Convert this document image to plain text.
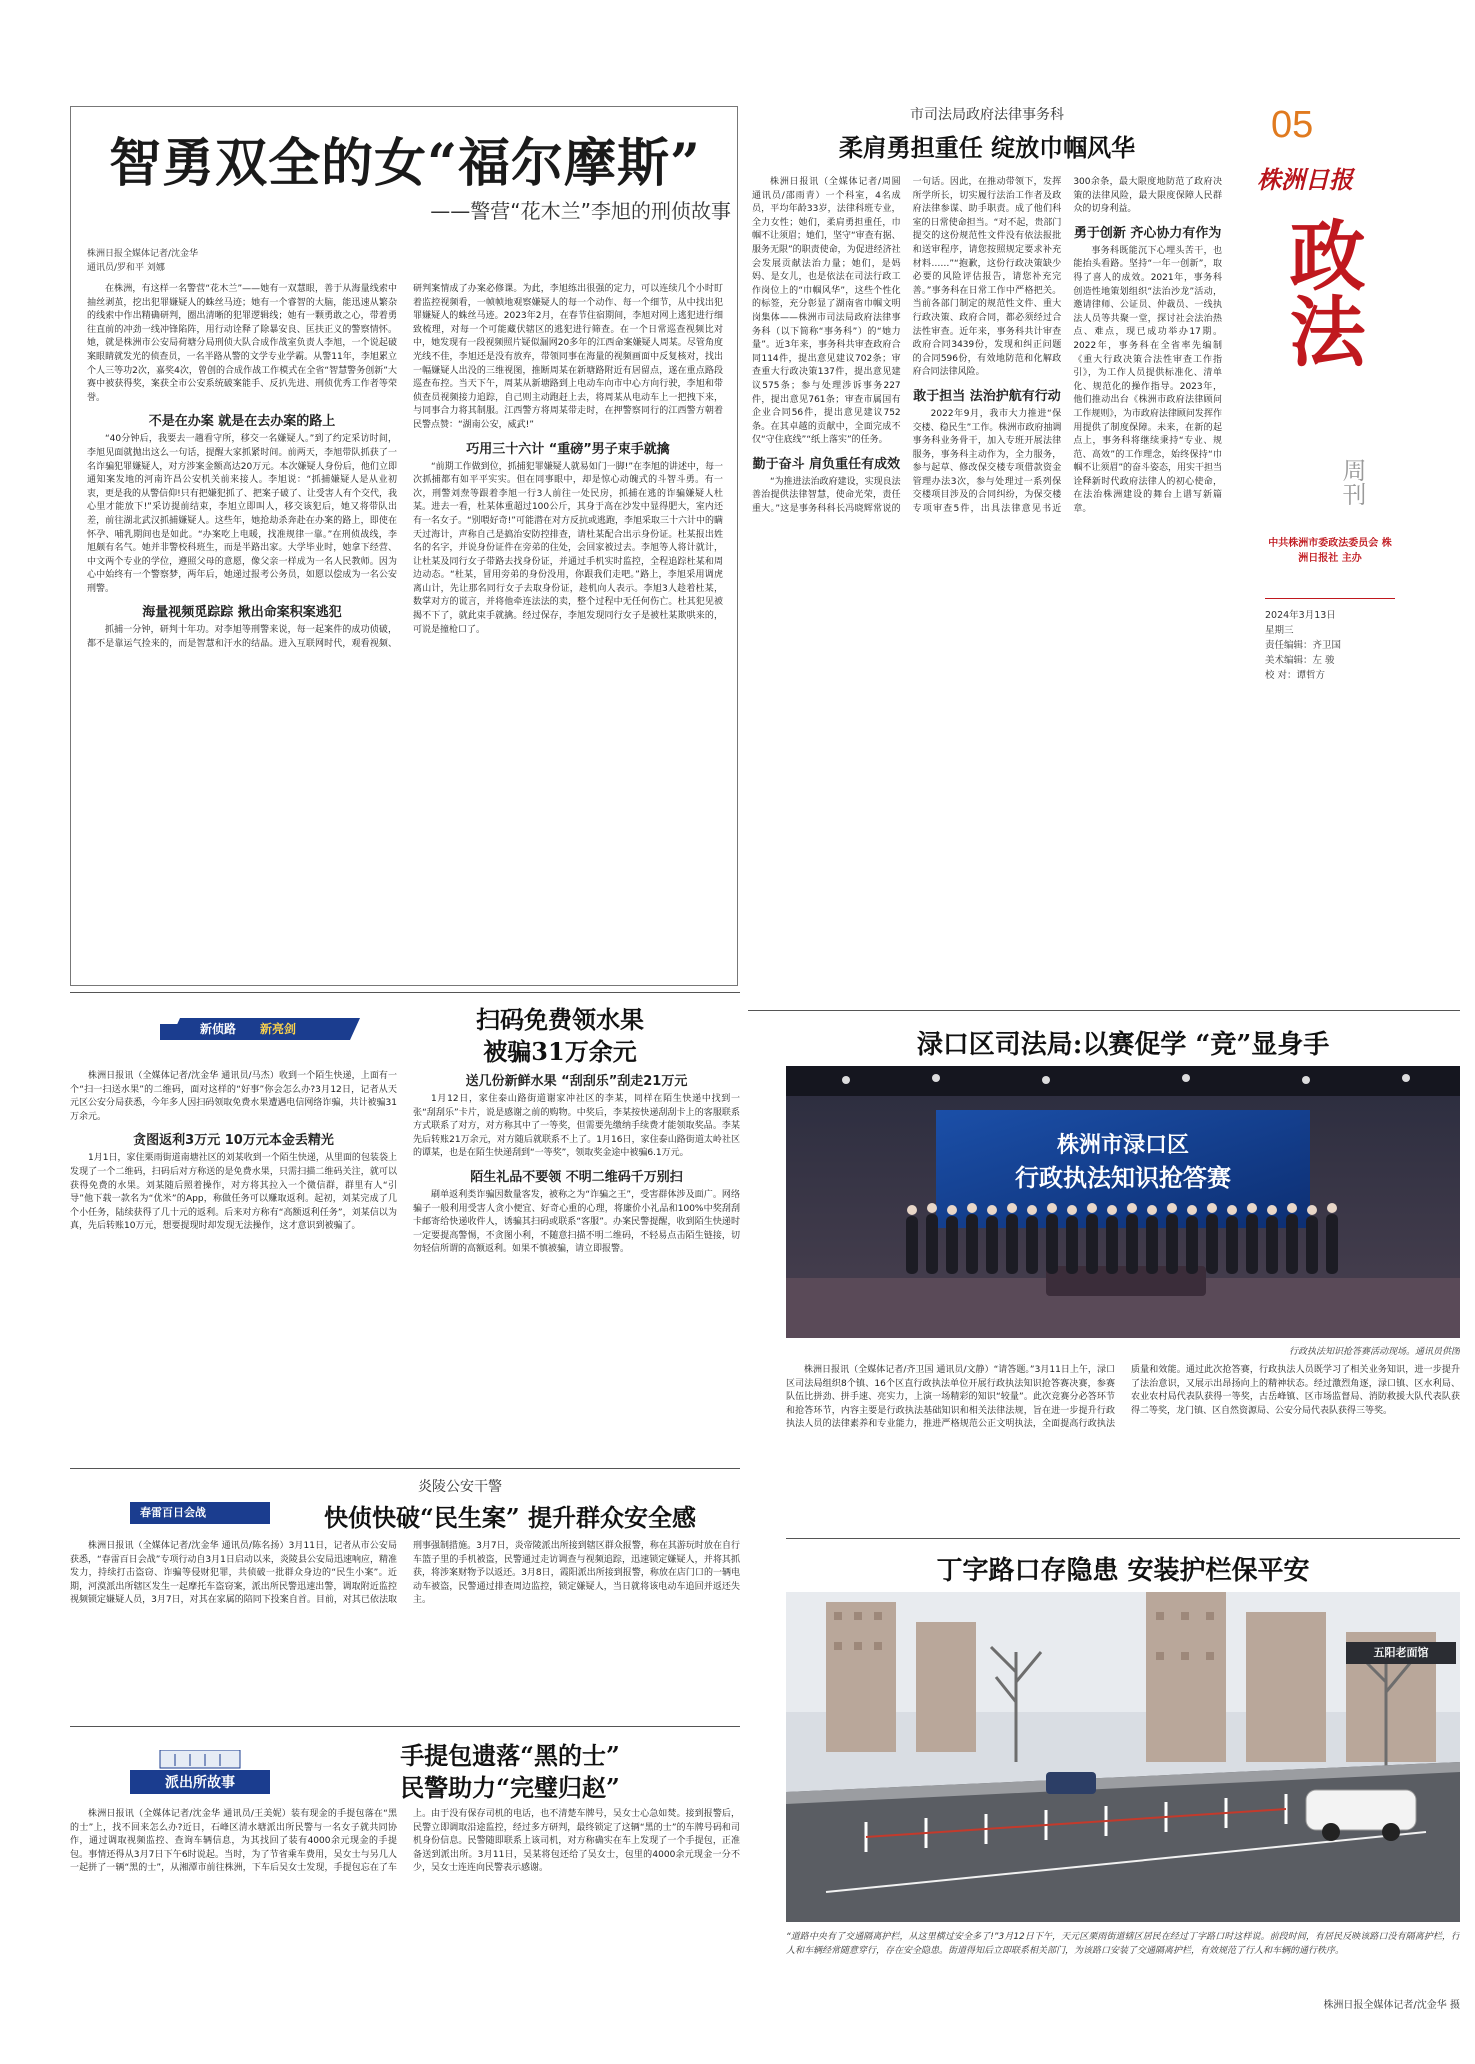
05
株洲日报
政法
周刊
中共株洲市委政法委员会 株洲日报社 主办
2024年3月13日
星期三
责任编辑：齐卫国
美术编辑：左 骏
校 对：谭哲方
智勇双全的女“福尔摩斯”
——警营“花木兰”李旭的刑侦故事
株洲日报全媒体记者/沈金华
通讯员/罗和平 刘娜

在株洲，有这样一名警营“花木兰”——她有一双慧眼，善于从海量线索中抽丝剥茧，挖出犯罪嫌疑人的蛛丝马迹；她有一个睿智的大脑，能迅速从繁杂的线索中作出精确研判，圈出清晰的犯罪逻辑线；她有一颗勇敢之心，带着勇往直前的冲劲一线冲锋陷阵，用行动诠释了除暴安良、匡扶正义的警察情怀。她，就是株洲市公安局荷塘分局刑侦大队合成作战室负责人李旭，一个说起破案眼睛就发光的侦查员，一名半路从警的文学专业学霸。从警11年，李旭累立个人三等功2次，嘉奖4次，曾创的合成作战工作模式在全省“智慧警务创新”大赛中被获得奖，案获全市公安系统破案能手、反扒先进、刑侦优秀工作者等荣誉。

不是在办案 就是在去办案的路上

“40分钟后，我要去一趟看守所，移交一名嫌疑人。”到了约定采访时间，李旭见面就抛出这么一句话，提醒大家抓紧时间。前两天，李旭带队抓获了一名诈骗犯罪嫌疑人，对方涉案金额高达20万元。本次嫌疑人身份后，他们立即通知案发地的河南许昌公安机关前来接人。李旭说：“抓捕嫌疑人是从业初衷，更是我的从警信仰!只有把嫌犯抓了、把案子破了、让受害人有个交代，我心里才能放下!”采访提前结束，李旭立即叫人，移交该犯后，她又将带队出差，前往湖北武汉抓捕嫌疑人。这些年，她抢劫杀奔赴在办案的路上，即使在怀孕、哺乳期间也是如此。“办案吃上电暖，找准规律一靠。”在刑侦战线，李旭颇有名气。她并非警校科班生，而是半路出家。大学毕业时，她拿下经营、中文两个专业的学位，遵照父母的意愿，像父亲一样成为一名人民教师。因为心中始终有一个警察梦，两年后，她递过报考公务员，如愿以偿成为一名公安刑警。

海量视频觅踪踪 揪出命案积案逃犯

抓捕一分钟，研判十年功。对李旭等刑警来说，每一起案件的成功侦破，都不是靠运气捡来的，而是智慧和汗水的结晶。进入互联网时代，观看视频、研判案情成了办案必修课。为此，李旭练出很强的定力，可以连续几个小时盯着监控视频看，一帧帧地观察嫌疑人的每一个动作、每一个细节，从中找出犯罪嫌疑人的蛛丝马迹。2023年2月，在春节住宿期间，李旭对网上逃犯进行细致梳理，对每一个可能藏伏辖区的逃犯进行筛查。在一个日常巡查视频比对中，她发现有一段视频照片疑似漏网20多年的江西命案嫌疑人周某。尽管角度光线不佳，李旭还是没有放弃，带领同事在海量的视频画面中反复核对，找出一幅嫌疑人出没的三维视图，推断周某在新塘路附近有居留点，遂在重点路段巡查布控。当天下午，周某从新塘路到上电动车向市中心方向行驶，李旭和带侦查员视频接力追踪，自己则主动跑赶上去，将周某从电动车上一把拽下来，与同事合力将其制服。江西警方将周某带走时，在押警察同行的江西警方朝着民警点赞：“湖南公安，威武!”

巧用三十六计 “重磅”男子束手就擒

“前期工作做到位，抓捕犯罪嫌疑人就易如门一脚!”在李旭的讲述中，每一次抓捕都有如平平实实。但在同事眼中，却是惊心动魄式的斗智斗勇。有一次，刑警刘焘等跟着李旭一行3人前往一处民房，抓捕在逃的诈骗嫌疑人杜某。进去一看，杜某体重超过100公斤，其身于高在沙发中显得肥大，室内还有一名女子。“别喂好奇!”可能潜在对方反抗或逃跑，李旭采取三十六计中的瞒天过海计，声称自己是搞治安防控排查，请杜某配合出示身份证。杜某报出姓名的名字，并说身份证件在旁弟的住处，会回家被过去。李旭等人将计就计，让杜某及同行女子带路去找身份证，并通过手机实时监控，全程追踪杜某和周边动态。“杜某，冒用旁弟的身份没用，你跟我们走吧。”路上，李旭采用调虎离山计，先让那名同行女子去取身份证，趁机向人表示。李旭3人趁着杜某，数掌对方的谎言，并将他牵连法法的卖，整个过程中无任何伤亡。杜其犯见被揭不下了，就此束手就擒。经过保存，李旭发现同行女子是被杜某欺哄来的，可说是撞枪口了。

市司法局政府法律事务科
柔肩勇担重任 绽放巾帼风华

株洲日报讯（全媒体记者/周圆 通讯员/邵雨青）一个科室，4名成员，平均年龄33岁，法律科班专业，全力女性；她们，柔肩勇担重任，巾帼不让须眉；她们，坚守“审查有据、服务无限”的职责使命，为促进经济社会发展贡献法治力量；她们，是妈妈、是女儿，也是依法在司法行政工作岗位上的“巾帼风华”，这些个性化的标签，充分彰显了湖南省巾帼文明岗集体——株洲市司法局政府法律事务科（以下简称“事务科”）的“她力量”。近3年来，事务科共审查政府合同114件，提出意见建议702条；审查重大行政决策137件，提出意见建议575条；参与处理涉诉事务227件，提出意见761条；审查市属国有企业合同56件，提出意见建议752条。在其卓越的贡献中，全面完成不仅“守住底线”“纸上落实”的任务。

勤于奋斗 肩负重任有成效

“为推进法治政府建设，实现良法善治提供法律智慧，使命光荣，责任重大。”这是事务科科长冯晓辉常说的一句话。因此，在推动带领下，发挥所学所长，切实履行法治工作者及政府法律参谋、助手职责。成了他们科室的日常使命担当。“对不起，贵部门提交的这份规范性文件没有依法报批和送审程序，请您按照规定要求补充材料……”“抱歉，这份行政决策缺少必要的风险评估报告，请您补充完善。”事务科在日常工作中严格把关。当前各部门制定的规范性文件、重大行政决策、政府合同，都必须经过合法性审查。近年来，事务科共计审查政府合同3439份，发现和纠正问题的合同596份，有效地防范和化解政府合同法律风险。

敢于担当 法治护航有行动

2022年9月，我市大力推进“保交楼、稳民生”工作。株洲市政府抽调事务科业务骨干，加入专班开展法律服务，事务科主动作为，全力服务，参与起草、修改保交楼专项借款资金管理办法3次，参与处理过一系列保交楼项目涉及的合同纠纷，为保交楼专项审查5件，出具法律意见书近300余条，最大限度地防范了政府决策的法律风险，最大限度保障人民群众的切身利益。

勇于创新 齐心协力有作为

事务科既能沉下心埋头苦干，也能抬头看路。坚持“一年一创新”，取得了喜人的成效。2021年，事务科创造性地策划组织“法治沙龙”活动，邀请律师、公证员、仲裁员、一线执法人员等共聚一堂，探讨社会法治热点、难点，现已成功举办17期。2022年，事务科在全省率先编制《重大行政决策合法性审查工作指引》，为工作人员提供标准化、清单化、规范化的操作指导。2023年，他们推动出台《株洲市政府法律顾问工作规则》，为市政府法律顾问发挥作用提供了制度保障。未来，在新的起点上，事务科将继续秉持“专业、规范、高效”的工作理念，始终保持“巾帼不让须眉”的奋斗姿态，用实干担当诠释新时代政府法律人的初心使命，在法治株洲建设的舞台上谱写新篇章。

渌口区司法局:以赛促学 “竞”显身手
株洲市渌口区
行政执法知识抢答赛
行政执法知识抢答赛活动现场。通讯员供图

株洲日报讯（全媒体记者/齐卫国 通讯员/文静）“请答题。”3月11日上午，渌口区司法局组织8个镇、16个区直行政执法单位开展行政执法知识抢答赛决赛，参赛队伍比拼劲、拼手速、亮实力，上演一场精彩的知识“较量”。此次竞赛分必答环节和抢答环节，内容主要是行政执法基础知识和相关法律法规，旨在进一步提升行政执法人员的法律素养和专业能力，推进严格规范公正文明执法，全面提高行政执法质量和效能。通过此次抢答赛，行政执法人员既学习了相关业务知识，进一步提升了法治意识，又展示出昂扬向上的精神状态。经过激烈角逐，渌口镇、区水利局、农业农村局代表队获得一等奖，古岳峰镇、区市场监督局、消防救援大队代表队获得二等奖，龙门镇、区自然资源局、公安分局代表队获得三等奖。

丁字路口存隐患 安装护栏保平安
五阳老面馆
“道路中央有了交通隔离护栏，从这里横过安全多了!”3月12日下午，天元区栗雨街道辖区居民在经过丁字路口时这样说。前段时间，有居民反映该路口没有隔离护栏，行人和车辆经常随意穿行，存在安全隐患。街道得知后立即联系相关部门，为该路口安装了交通隔离护栏，有效规范了行人和车辆的通行秩序。
株洲日报全媒体记者/沈金华 摄
新侦路 新亮剑	扫码免费领水果
被骗31万余元

株洲日报讯（全媒体记者/沈金华 通讯员/马杰）收到一个陌生快递，上面有一个“扫一扫送水果”的二维码，面对这样的“好事”你会怎么办?3月12日，记者从天元区公安分局获悉，今年多人因扫码领取免费水果遭遇电信网络诈骗，共计被骗31万余元。

贪图返利3万元 10万元本金丢精光

1月1日，家住栗雨街道南塘社区的刘某收到一个陌生快递，从里面的包装袋上发现了一个二维码，扫码后对方称送的是免费水果，只需扫描二维码关注，就可以获得免费的水果。刘某随后照着操作，对方将其拉入一个微信群，群里有人“引导”他下载一款名为“优米”的App，称做任务可以赚取返利。起初，刘某完成了几个小任务，陆续获得了几十元的返利。后来对方称有“高额返利任务”，刘某信以为真，先后转账10万元，想要提现时却发现无法操作，这才意识到被骗了。

送几份新鲜水果 “刮刮乐”刮走21万元

1月12日，家住泰山路街道谢家冲社区的李某，同样在陌生快递中找到一张“刮刮乐”卡片，说是感谢之前的购物。中奖后，李某按快递刮刮卡上的客服联系方式联系了对方，对方称其中了一等奖，但需要先缴纳手续费才能领取奖品。李某先后转账21万余元，对方随后就联系不上了。1月16日，家住泰山路街道太岭社区的谭某，也是在陌生快递刮到“一等奖”，领取奖金途中被骗6.1万元。

陌生礼品不要领 不明二维码千万别扫

刷单返利类诈骗因数量客发，被称之为“诈骗之王”，受害群体涉及面广。网络骗子一般利用受害人贪小便宜、好奇心重的心理，将廉价小礼品和100%中奖刮刮卡邮寄给快递收件人，诱骗其扫码或联系“客服”。办案民警提醒，收到陌生快递时一定要提高警惕，不贪图小利，不随意扫描不明二维码，不轻易点击陌生链接，切勿轻信所谓的高额返利。如果不慎被骗，请立即报警。

春雷百日会战
炎陵公安干警
快侦快破“民生案” 提升群众安全感

株洲日报讯（全媒体记者/沈金华 通讯员/陈名扬）3月11日，记者从市公安局获悉，“春雷百日会战”专项行动自3月1日启动以来，炎陵县公安局迅速响应，精准发力，持续打击盗窃、诈骗等侵财犯罪，共侦破一批群众身边的“民生小案”。近期，河漠派出所辖区发生一起摩托车盗窃案，派出所民警迅速出警，调取附近监控视频锁定嫌疑人员，3月7日，对其在家属的陪同下投案自首。目前，对其已依法取刑事强制措施。3月7日，炎帝陵派出所接到辖区群众报警，称在其游玩时放在自行车篮子里的手机被盗，民警通过走访调查与视频追踪，迅速锁定嫌疑人，并将其抓获，将涉案财物予以返还。3月8日，霞阳派出所接到报警，称放在店门口的一辆电动车被盗，民警通过排查周边监控，锁定嫌疑人，当日就将该电动车追回并返还失主。

派出所故事
手提包遗落“黑的士”
民警助力“完璧归赵”

株洲日报讯（全媒体记者/沈金华 通讯员/王美妮）装有现金的手提包落在“黑的士”上，找不回来怎么办?近日，石峰区清水塘派出所民警与一名女子就共同协作，通过调取视频监控、查询车辆信息，为其找回了装有4000余元现金的手提包。事情还得从3月7日下午6时说起。当时，为了节省乘车费用，吴女士与另几人一起拼了一辆“黑的士”，从湘潭市前往株洲，下车后吴女士发现，手提包忘在了车上。由于没有保存司机的电话，也不清楚车牌号，吴女士心急如焚。接到报警后，民警立即调取沿途监控，经过多方研判，最终锁定了这辆“黑的士”的车牌号码和司机身份信息。民警随即联系上该司机，对方称确实在车上发现了一个手提包，正准备送到派出所。3月11日，吴某将包还给了吴女士，包里的4000余元现金一分不少，吴女士连连向民警表示感谢。
